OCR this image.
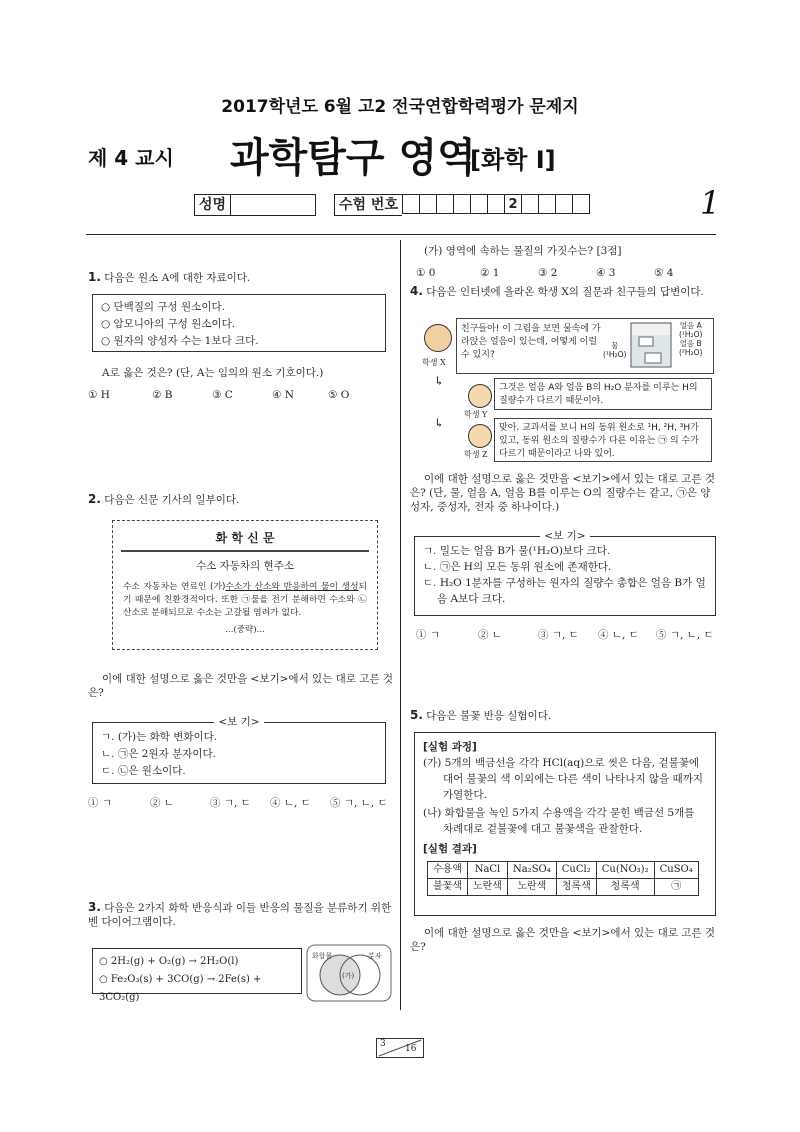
2017학년도 6월 고2 전국연합학력평가 문제지
제 4 교시 과학탐구 영역
[화학 Ⅰ]
성명	수험 번호	2	1
1. 다음은 원소 A에 대한 자료이다.
○ 단백질의 구성 원소이다.
○ 암모니아의 구성 원소이다.
○ 원자의 양성자 수는 1보다 크다.
A로 옳은 것은? (단, A는 임의의 원소 기호이다.)
① H	② B	③ C	④ N	⑤ O
2. 다음은 신문 기사의 일부이다.
화 학 신 문
수소 자동차의 현주소
수소 자동차는 연료인 (가)수소가 산소와 반응하여 물이 생성되기 때문에 친환경적이다. 또한 ㉠물을 전기 분해하면 수소와 ㉡산소로 분해되므로 수소는 고갈될 염려가 없다.
…(중략)…
이에 대한 설명으로 옳은 것만을 <보기>에서 있는 대로 고른 것은?
<보 기>
ㄱ. (가)는 화학 변화이다.
ㄴ. ㉠은 2원자 분자이다.
ㄷ. ㉡은 원소이다.
① ㄱ	② ㄴ	③ ㄱ, ㄷ ④ ㄴ, ㄷ ⑤ ㄱ, ㄴ, ㄷ
3. 다음은 2가지 화학 반응식과 이들 반응의 물질을 분류하기 위한 벤 다이어그램이다.
○ 2H₂(g) + O₂(g) → 2H₂O(l)
○ Fe₂O₃(s) + 3CO(g) → 2Fe(s) + 3CO₂(g)
화합물	분자
(가)
(가) 영역에 속하는 물질의 가짓수는? [3점]
① 0	② 1	③ 2	④ 3	⑤ 4
4. 다음은 인터넷에 올라온 학생 X의 질문과 친구들의 답변이다.
학생 X
친구들아! 이 그림을 보면 물속에 가라앉은 얼음이 있는데, 어떻게 이럴 수 있지?
물
(¹H₂O)
얼음 A
(¹H₂O)
얼음 B
(²H₂O)
↳
↳
학생 Y
그것은 얼음 A와 얼음 B의 H₂O 분자를 이루는 H의 질량수가 다르기 때문이야.
학생 Z
맞아. 교과서를 보니 H의 동위 원소로 ¹H, ²H, ³H가 있고, 동위 원소의 질량수가 다른 이유는 ㉠ 의 수가 다르기 때문이라고 나와 있어.
이에 대한 설명으로 옳은 것만을 <보기>에서 있는 대로 고른 것은? (단, 물, 얼음 A, 얼음 B를 이루는 O의 질량수는 같고, ㉠은 양성자, 중성자, 전자 중 하나이다.)
<보 기>
ㄱ. 밀도는 얼음 B가 물(¹H₂O)보다 크다.
ㄴ. ㉠은 H의 모든 동위 원소에 존재한다.
ㄷ. H₂O 1분자를 구성하는 원자의 질량수 총합은 얼음 B가 얼음 A보다 크다.
① ㄱ	② ㄴ	③ ㄱ, ㄷ ④ ㄴ, ㄷ ⑤ ㄱ, ㄴ, ㄷ
5. 다음은 불꽃 반응 실험이다.
[실험 과정]
(가) 5개의 백금선을 각각 HCl(aq)으로 씻은 다음, 겉불꽃에 대어 불꽃의 색 이외에는 다른 색이 나타나지 않을 때까지 가열한다.
(나) 화합물을 녹인 5가지 수용액을 각각 묻힌 백금선 5개를 차례대로 겉불꽃에 대고 불꽃색을 관찰한다.
[실험 결과]
수용액	NaCl	Na₂SO₄	CuCl₂	Cu(NO₃)₂	CuSO₄
불꽃색	노란색	노란색	청록색	청록색	㉠
이에 대한 설명으로 옳은 것만을 <보기>에서 있는 대로 고른 것은?
3 16
